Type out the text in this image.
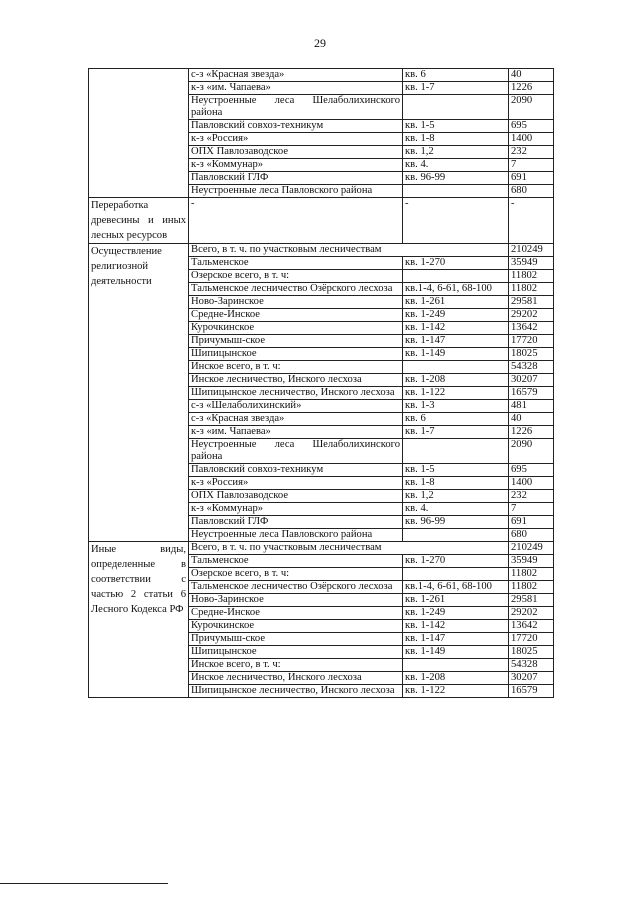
29
	с-з «Красная звезда»	кв. 6	40
	к-з «им. Чапаева»	кв. 1-7	1226
	Неустроенные леса Шелаболихинского района		2090
	Павловский совхоз-техникум	кв. 1-5	695
	к-з «Россия»	кв. 1-8	1400
	ОПХ Павлозаводское	кв. 1,2	232
	к-з «Коммунар»	кв. 4.	7
	Павловский ГЛФ	кв. 96-99	691
	Неустроенные леса Павловского района		680
Переработка древесины и иных лесных ресурсов	-	-	-
Осуществление религиозной деятельности	Всего, в т. ч. по участковым лесничествам		210249
	Тальменское	кв. 1-270	35949
	Озерское всего, в т. ч:		11802
	Тальменское лесничество Озёрского лесхоза	кв.1-4, 6-61, 68-100	11802
	Ново-Заринское	кв. 1-261	29581
	Средне-Инское	кв. 1-249	29202
	Курочкинское	кв. 1-142	13642
	Причумыш-ское	кв. 1-147	17720
	Шипицынское	кв. 1-149	18025
	Инское всего, в т. ч:		54328
	Инское лесничество, Инского лесхоза	кв. 1-208	30207
	Шипицынское лесничество, Инского лесхоза	кв. 1-122	16579
	с-з «Шелаболихинский»	кв. 1-3	481
	с-з «Красная звезда»	кв. 6	40
	к-з «им. Чапаева»	кв. 1-7	1226
	Неустроенные леса Шелаболихинского района		2090
	Павловский совхоз-техникум	кв. 1-5	695
	к-з «Россия»	кв. 1-8	1400
	ОПХ Павлозаводское	кв. 1,2	232
	к-з «Коммунар»	кв. 4.	7
	Павловский ГЛФ	кв. 96-99	691
	Неустроенные леса Павловского района		680
Иные виды, определенные в соответствии с частью 2 статьи 6 Лесного Кодекса РФ	Всего, в т. ч. по участковым лесничествам		210249
	Тальменское	кв. 1-270	35949
	Озерское всего, в т. ч:		11802
	Тальменское лесничество Озёрского лесхоза	кв.1-4, 6-61, 68-100	11802
	Ново-Заринское	кв. 1-261	29581
	Средне-Инское	кв. 1-249	29202
	Курочкинское	кв. 1-142	13642
	Причумыш-ское	кв. 1-147	17720
	Шипицынское	кв. 1-149	18025
	Инское всего, в т. ч:		54328
	Инское лесничество, Инского лесхоза	кв. 1-208	30207
	Шипицынское лесничество, Инского лесхоза	кв. 1-122	16579
